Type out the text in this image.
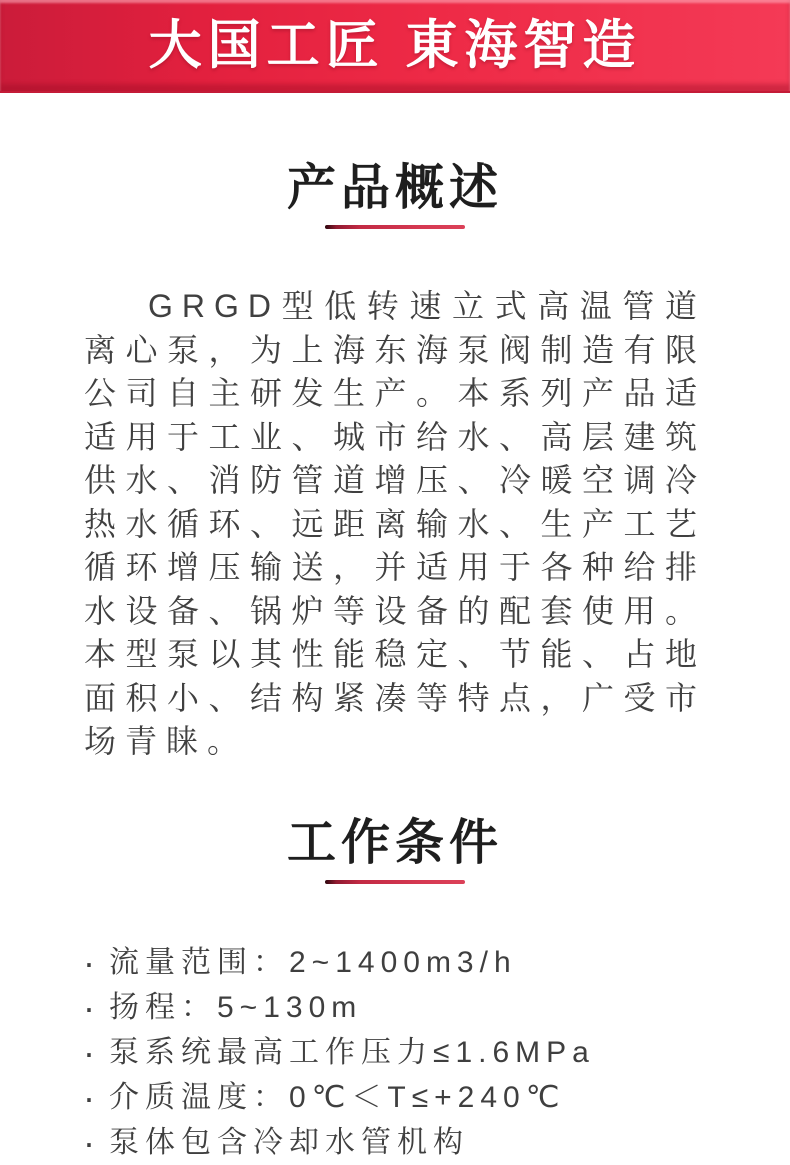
大国工匠 東海智造
产品概述

GRGD型低转速立式高温管道离心泵，为上海东海泵阀制造有限公司自主研发生产。本系列产品适适用于工业、城市给水、高层建筑供水、消防管道增压、冷暖空调冷热水循环、远距离输水、生产工艺循环增压输送，并适用于各种给排水设备、锅炉等设备的配套使用。本型泵以其性能稳定、节能、占地面积小、结构紧凑等特点，广受市场青睐。

工作条件
· 流量范围：2~1400m3/h
· 扬程：5~130m
· 泵系统最高工作压力≤1.6MPa
· 介质温度：0℃＜T≤+240℃
· 泵体包含冷却水管机构
